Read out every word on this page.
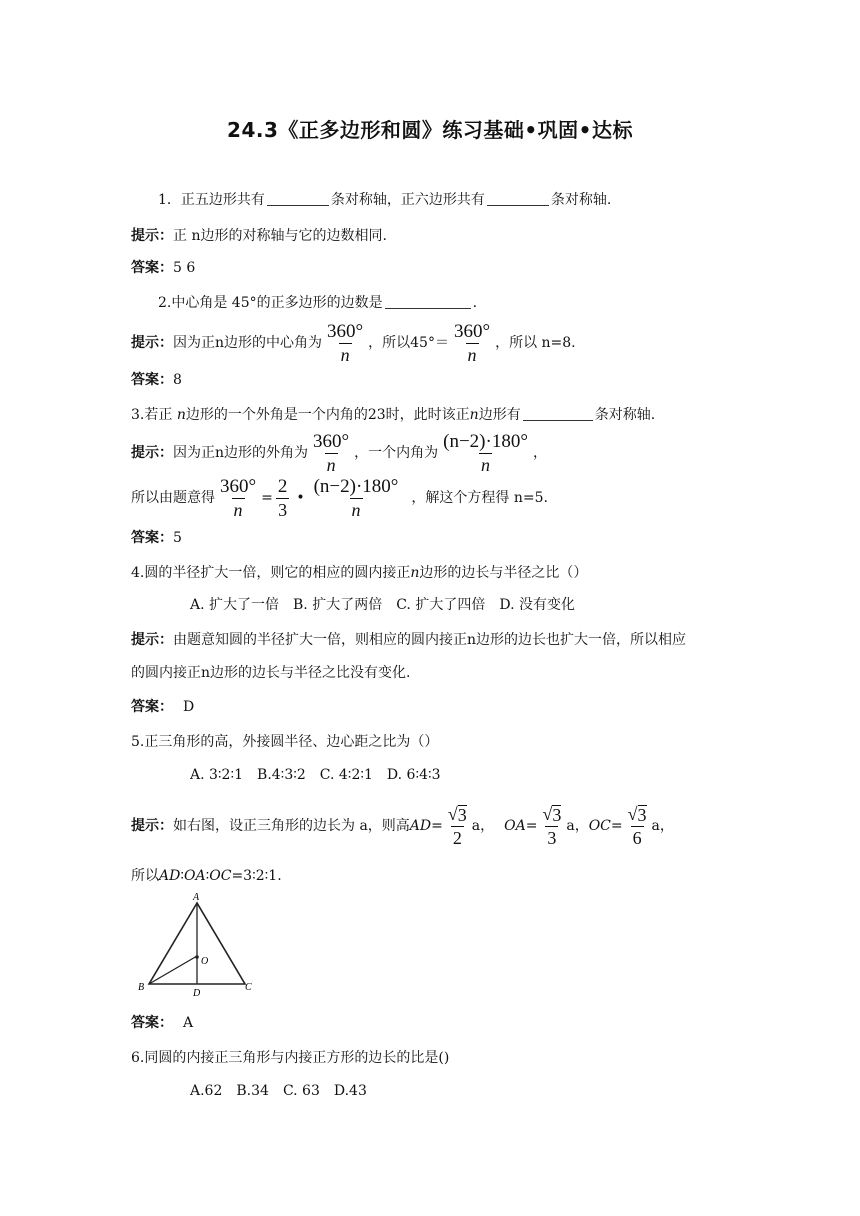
24.3《正多边形和圆》练习基础•巩固•达标
1．正五边形共有	条对称轴，正六边形共有	条对称轴.
提示：正 n边形的对称轴与它的边数相同.
答案：5 6
2.中心角是 45°的正多边形的边数是	.
提示： 因为正n边形的中心角为 $\frac{360^\circ}{n}$ ，所以$45^\circ= \frac{360^\circ}{n}$ ，所以 n=8.
答案：8
3.若正 n边形的一个外角是一个内角的23时，此时该正n边形有	条对称轴.
提示： 因为正n边形的外角为 $\frac{360^\circ}{n}$ ，一个内角为 $\frac{(n-2)\cdot 180^\circ}{n}$ ，
所以由题意得 $\frac{360^\circ}{n} = \frac{2}{3}$ • $\frac{(n-2)\cdot 180^\circ}{n}$ ，解这个方程得 n=5.
答案：5
4.圆的半径扩大一倍，则它的相应的圆内接正n边形的边长与半径之比（）
A. 扩大了一倍 B. 扩大了两倍 C. 扩大了四倍 D. 没有变化
提示：由题意知圆的半径扩大一倍，则相应的圆内接正n边形的边长也扩大一倍，所以相应
的圆内接正n边形的边长与半径之比没有变化.
答案： D
5.正三角形的高，外接圆半径、边心距之比为（）
A. 3∶2∶1 B.4∶3∶2 C. 4∶2∶1 D. 6∶4∶3
提示： 如右图，设正三角形的边长为 a，则高 AD = $\frac{√ 3}{2}$ a ， OA = $\frac{√ 3}{3}$ a ， OC = $\frac{√ 3}{6}$ a ，
所以AD∶OA∶OC=3∶2∶1.
A
B	C
D
O
答案： A
6.同圆的内接正三角形与内接正方形的边长的比是()
A.62 B.34 C. 63 D.43
